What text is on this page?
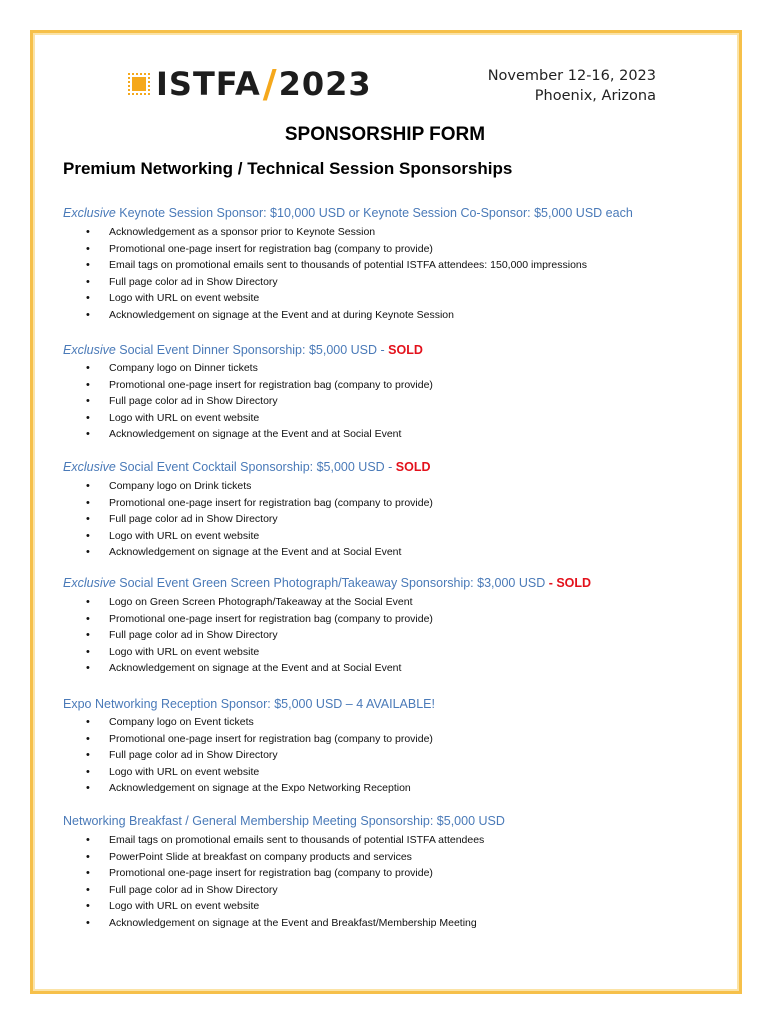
ISTFA / 2023	November 12-16, 2023
Phoenix, Arizona
SPONSORSHIP FORM
Premium Networking / Technical Session Sponsorships
Exclusive Keynote Session Sponsor: $10,000 USD or Keynote Session Co-Sponsor: $5,000 USD each
• Acknowledgement as a sponsor prior to Keynote Session
• Promotional one-page insert for registration bag (company to provide)
• Email tags on promotional emails sent to thousands of potential ISTFA attendees: 150,000 impressions
• Full page color ad in Show Directory
• Logo with URL on event website
• Acknowledgement on signage at the Event and at during Keynote Session
Exclusive Social Event Dinner Sponsorship: $5,000 USD - SOLD
• Company logo on Dinner tickets
• Promotional one-page insert for registration bag (company to provide)
• Full page color ad in Show Directory
• Logo with URL on event website
• Acknowledgement on signage at the Event and at Social Event
Exclusive Social Event Cocktail Sponsorship: $5,000 USD - SOLD
• Company logo on Drink tickets
• Promotional one-page insert for registration bag (company to provide)
• Full page color ad in Show Directory
• Logo with URL on event website
• Acknowledgement on signage at the Event and at Social Event
Exclusive Social Event Green Screen Photograph/Takeaway Sponsorship: $3,000 USD - SOLD
• Logo on Green Screen Photograph/Takeaway at the Social Event
• Promotional one-page insert for registration bag (company to provide)
• Full page color ad in Show Directory
• Logo with URL on event website
• Acknowledgement on signage at the Event and at Social Event
Expo Networking Reception Sponsor: $5,000 USD – 4 AVAILABLE!
• Company logo on Event tickets
• Promotional one-page insert for registration bag (company to provide)
• Full page color ad in Show Directory
• Logo with URL on event website
• Acknowledgement on signage at the Expo Networking Reception
Networking Breakfast / General Membership Meeting Sponsorship: $5,000 USD
• Email tags on promotional emails sent to thousands of potential ISTFA attendees
• PowerPoint Slide at breakfast on company products and services
• Promotional one-page insert for registration bag (company to provide)
• Full page color ad in Show Directory
• Logo with URL on event website
• Acknowledgement on signage at the Event and Breakfast/Membership Meeting
